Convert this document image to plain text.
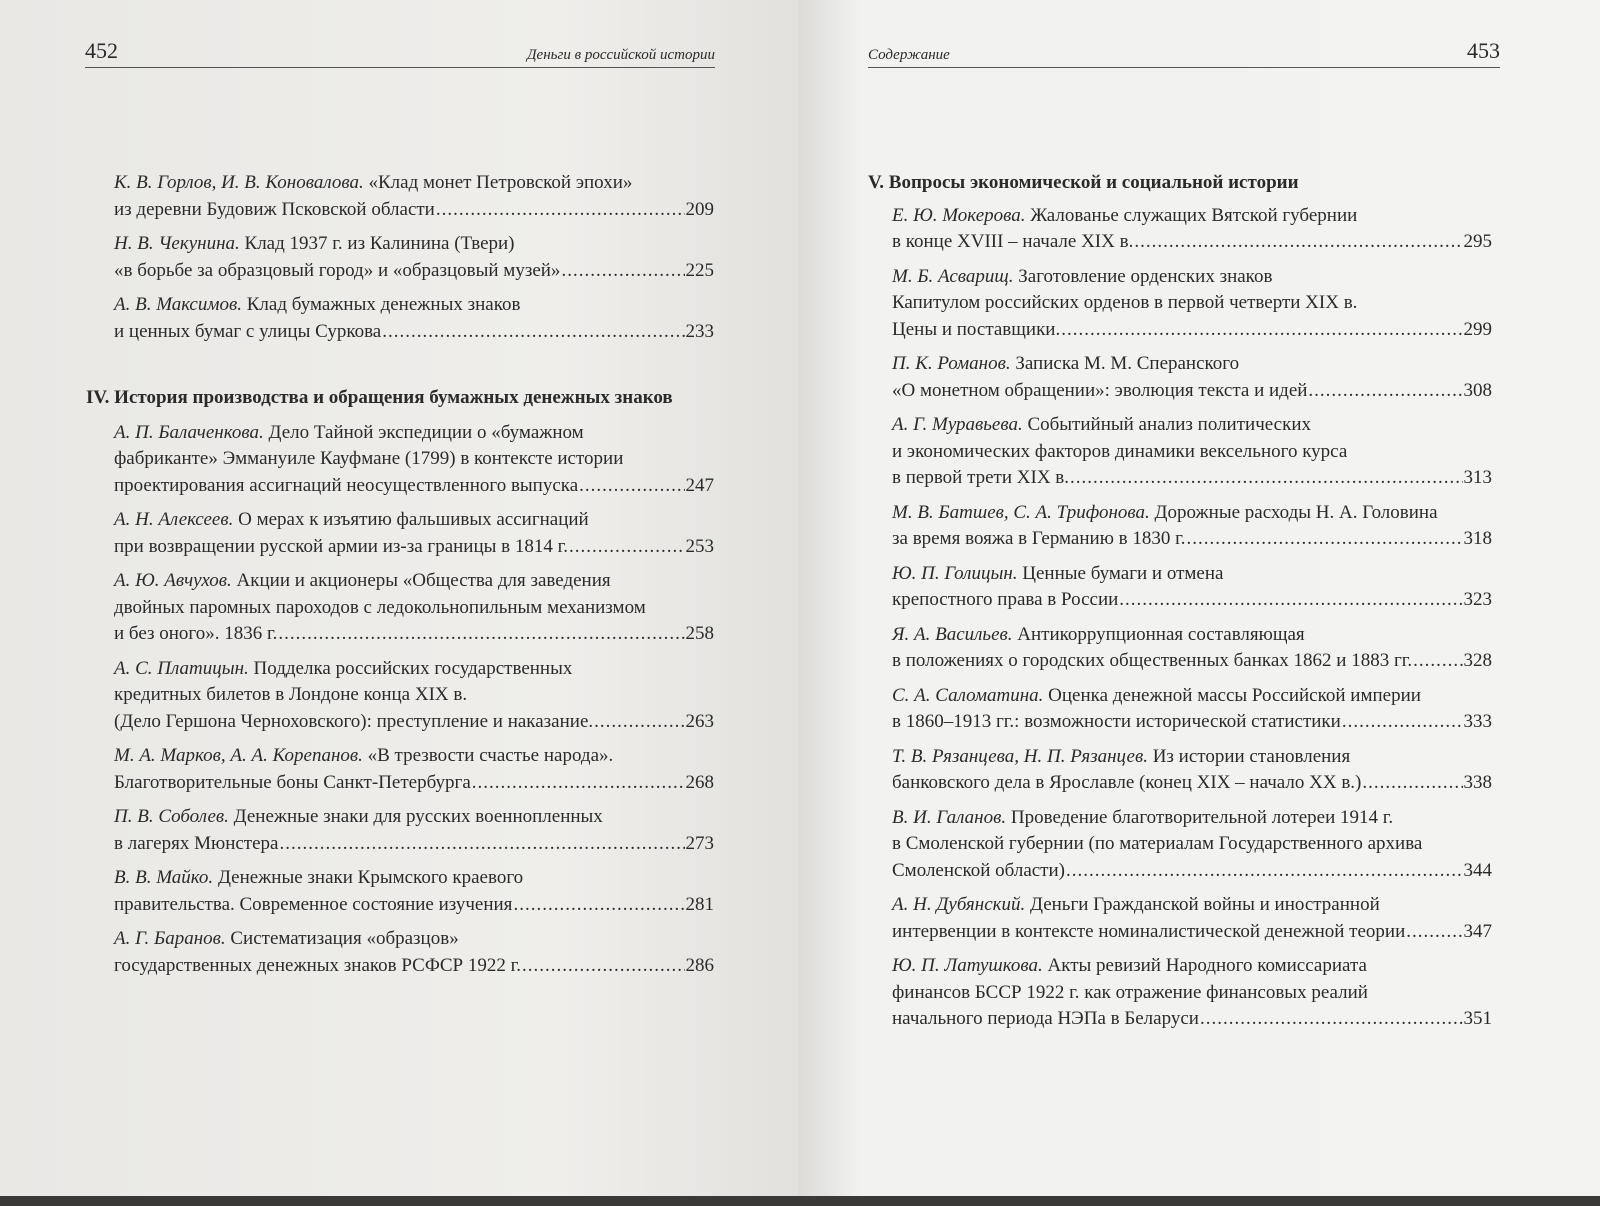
452	Деньги в российской истории
К. В. Горлов, И. В. Коновалова. «Клад монет Петровской эпохи»
из деревни Будовиж Псковской области .....	209
Н. В. Чекунина. Клад 1937 г. из Калинина (Твери)
«в борьбе за образцовый город» и «образцовый музей» .....	225
А. В. Максимов. Клад бумажных денежных знаков
и ценных бумаг с улицы Суркова .....	233
IV. История производства и обращения бумажных денежных знаков
А. П. Балаченкова. Дело Тайной экспедиции о «бумажном
фабриканте» Эммануиле Кауфмане (1799) в контексте истории
проектирования ассигнаций неосуществленного выпуска .....	247
А. Н. Алексеев. О мерах к изъятию фальшивых ассигнаций
при возвращении русской армии из-за границы в 1814 г. .....	253
А. Ю. Авчухов. Акции и акционеры «Общества для заведения
двойных паромных пароходов с ледокольнопильным механизмом
и без оного». 1836 г. .....	258
А. С. Платицын. Подделка российских государственных
кредитных билетов в Лондоне конца XIX в.
(Дело Гершона Черноховского): преступление и наказание. .....	263
М. А. Марков, А. А. Корепанов. «В трезвости счастье народа».
Благотворительные боны Санкт-Петербурга .....	268
П. В. Соболев. Денежные знаки для русских военнопленных
в лагерях Мюнстера .....	273
В. В. Майко. Денежные знаки Крымского краевого
правительства. Современное состояние изучения .....	281
А. Г. Баранов. Систематизация «образцов»
государственных денежных знаков РСФСР 1922 г. .....	286
Содержание	453
V. Вопросы экономической и социальной истории
Е. Ю. Мокерова. Жалованье служащих Вятской губернии
в конце XVIII – начале XIX в. .....	295
М. Б. Асварищ. Заготовление орденских знаков
Капитулом российских орденов в первой четверти XIX в.
Цены и поставщики. .....	299
П. К. Романов. Записка М. М. Сперанского
«О монетном обращении»: эволюция текста и идей .....	308
А. Г. Муравьева. Событийный анализ политических
и экономических факторов динамики вексельного курса
в первой трети XIX в. .....	313
М. В. Батшев, С. А. Трифонова. Дорожные расходы Н. А. Головина
за время вояжа в Германию в 1830 г. .....	318
Ю. П. Голицын. Ценные бумаги и отмена
крепостного права в России .....	323
Я. А. Васильев. Антикоррупционная составляющая
в положениях о городских общественных банках 1862 и 1883 гг. .....	328
С. А. Саломатина. Оценка денежной массы Российской империи
в 1860–1913 гг.: возможности исторической статистики .....	333
Т. В. Рязанцева, Н. П. Рязанцев. Из истории становления
банковского дела в Ярославле (конец XIX – начало XX в.) .....	338
В. И. Галанов. Проведение благотворительной лотереи 1914 г.
в Смоленской губернии (по материалам Государственного архива
Смоленской области) .....	344
А. Н. Дубянский. Деньги Гражданской войны и иностранной
интервенции в контексте номиналистической денежной теории .....	347
Ю. П. Латушкова. Акты ревизий Народного комиссариата
финансов БССР 1922 г. как отражение финансовых реалий
начального периода НЭПа в Беларуси .....	351
